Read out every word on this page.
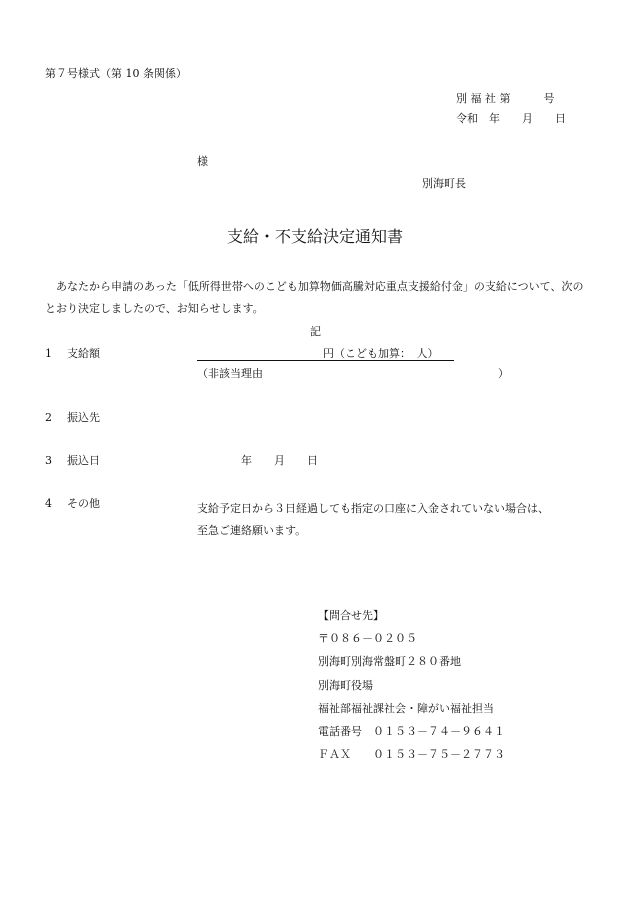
第７号様式（第 10 条関係）
別 福 社 第　　　号
令和　年　　月　　日
様
別海町長
支給・不支給決定通知書
あなたから申請のあった「低所得世帯へのこども加算物価高騰対応重点支援給付金」の支給について、次のとおり決定しましたので、お知らせします。
記
1 支給額	円（こども加算：　人）
（非該当理由	）
2 振込先
3 振込日	年　　月　　日
4 その他	支給予定日から３日経過しても指定の口座に入金されていない場合は、
至急ご連絡願います。
【問合せ先】
〒０８６－０２０５
別海町別海常盤町２８０番地
別海町役場
福祉部福祉課社会・障がい福祉担当
電話番号　０１５３－７４－９６４１
ＦＡＸ　　０１５３－７５－２７７３
